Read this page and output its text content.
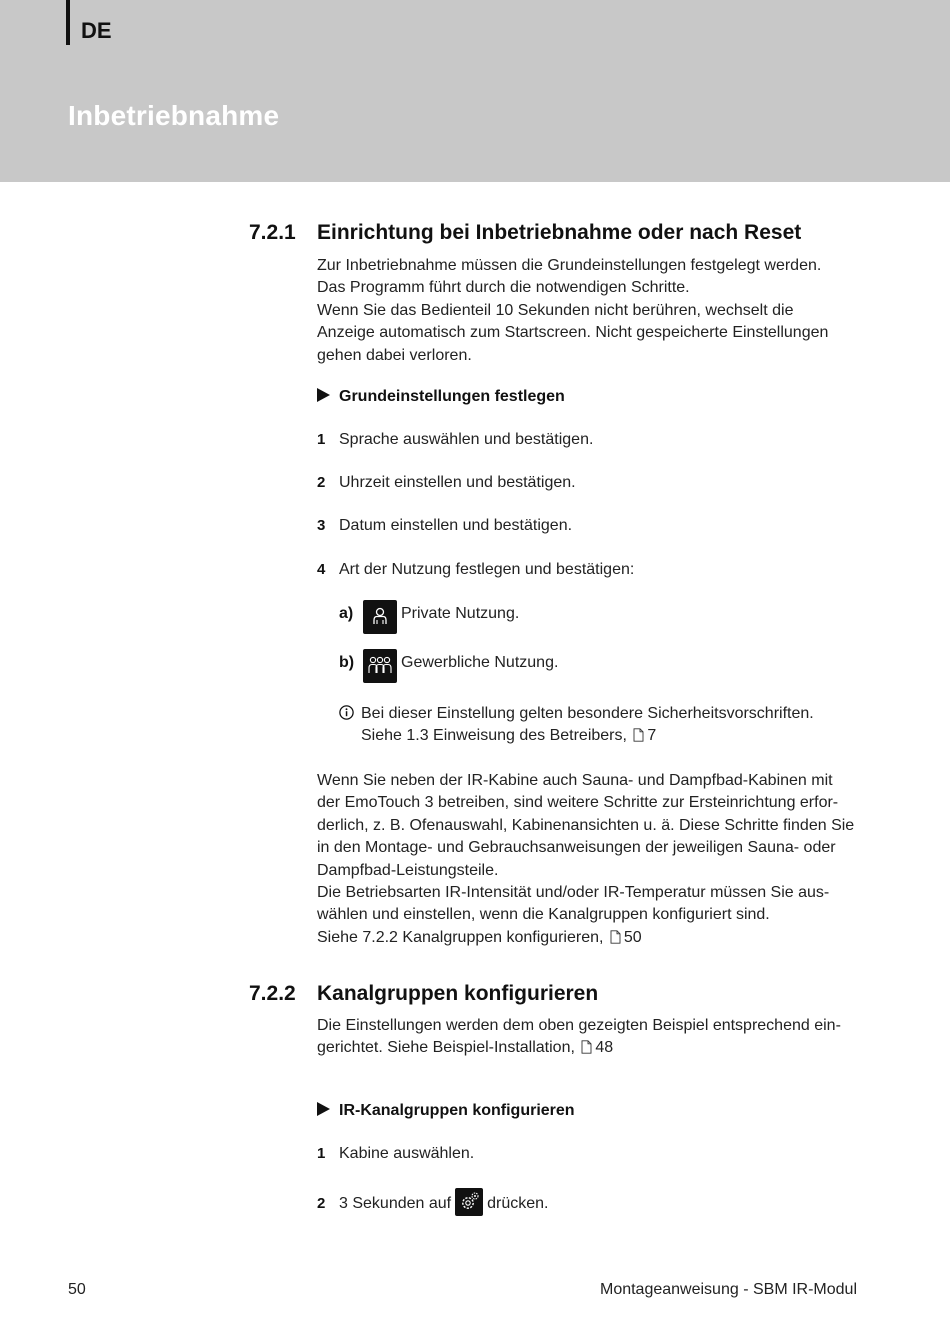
DE
Inbetriebnahme
7.2.1 Einrichtung bei Inbetriebnahme oder nach Reset
Zur Inbetriebnahme müssen die Grundeinstellungen festgelegt werden.
Das Programm führt durch die notwendigen Schritte.
Wenn Sie das Bedienteil 10 Sekunden nicht berühren, wechselt die
Anzeige automatisch zum Startscreen. Nicht gespeicherte Einstellungen
gehen dabei verloren.
Grundeinstellungen festlegen
1 Sprache auswählen und bestätigen.
2 Uhrzeit einstellen und bestätigen.
3 Datum einstellen und bestätigen.
4 Art der Nutzung festlegen und bestätigen:
a)	Private Nutzung.
b)	Gewerbliche Nutzung.
Bei dieser Einstellung gelten besondere Sicherheitsvorschriften.
Siehe 1.3 Einweisung des Betreibers, 7
Wenn Sie neben der IR-Kabine auch Sauna- und Dampfbad-Kabinen mit
der EmoTouch 3 betreiben, sind weitere Schritte zur Ersteinrichtung erfor-
derlich, z. B. Ofenauswahl, Kabinenansichten u. ä. Diese Schritte finden Sie
in den Montage- und Gebrauchsanweisungen der jeweiligen Sauna- oder
Dampfbad-Leistungsteile.
Die Betriebsarten IR-Intensität und/oder IR-Temperatur müssen Sie aus-
wählen und einstellen, wenn die Kanalgruppen konfiguriert sind.
Siehe 7.2.2 Kanalgruppen konfigurieren, 50
7.2.2 Kanalgruppen konfigurieren
Die Einstellungen werden dem oben gezeigten Beispiel entsprechend ein-
gerichtet. Siehe Beispiel-Installation, 48
IR-Kanalgruppen konfigurieren
1 Kabine auswählen.
2 3 Sekunden auf drücken.
50	Montageanweisung - SBM IR-Modul
